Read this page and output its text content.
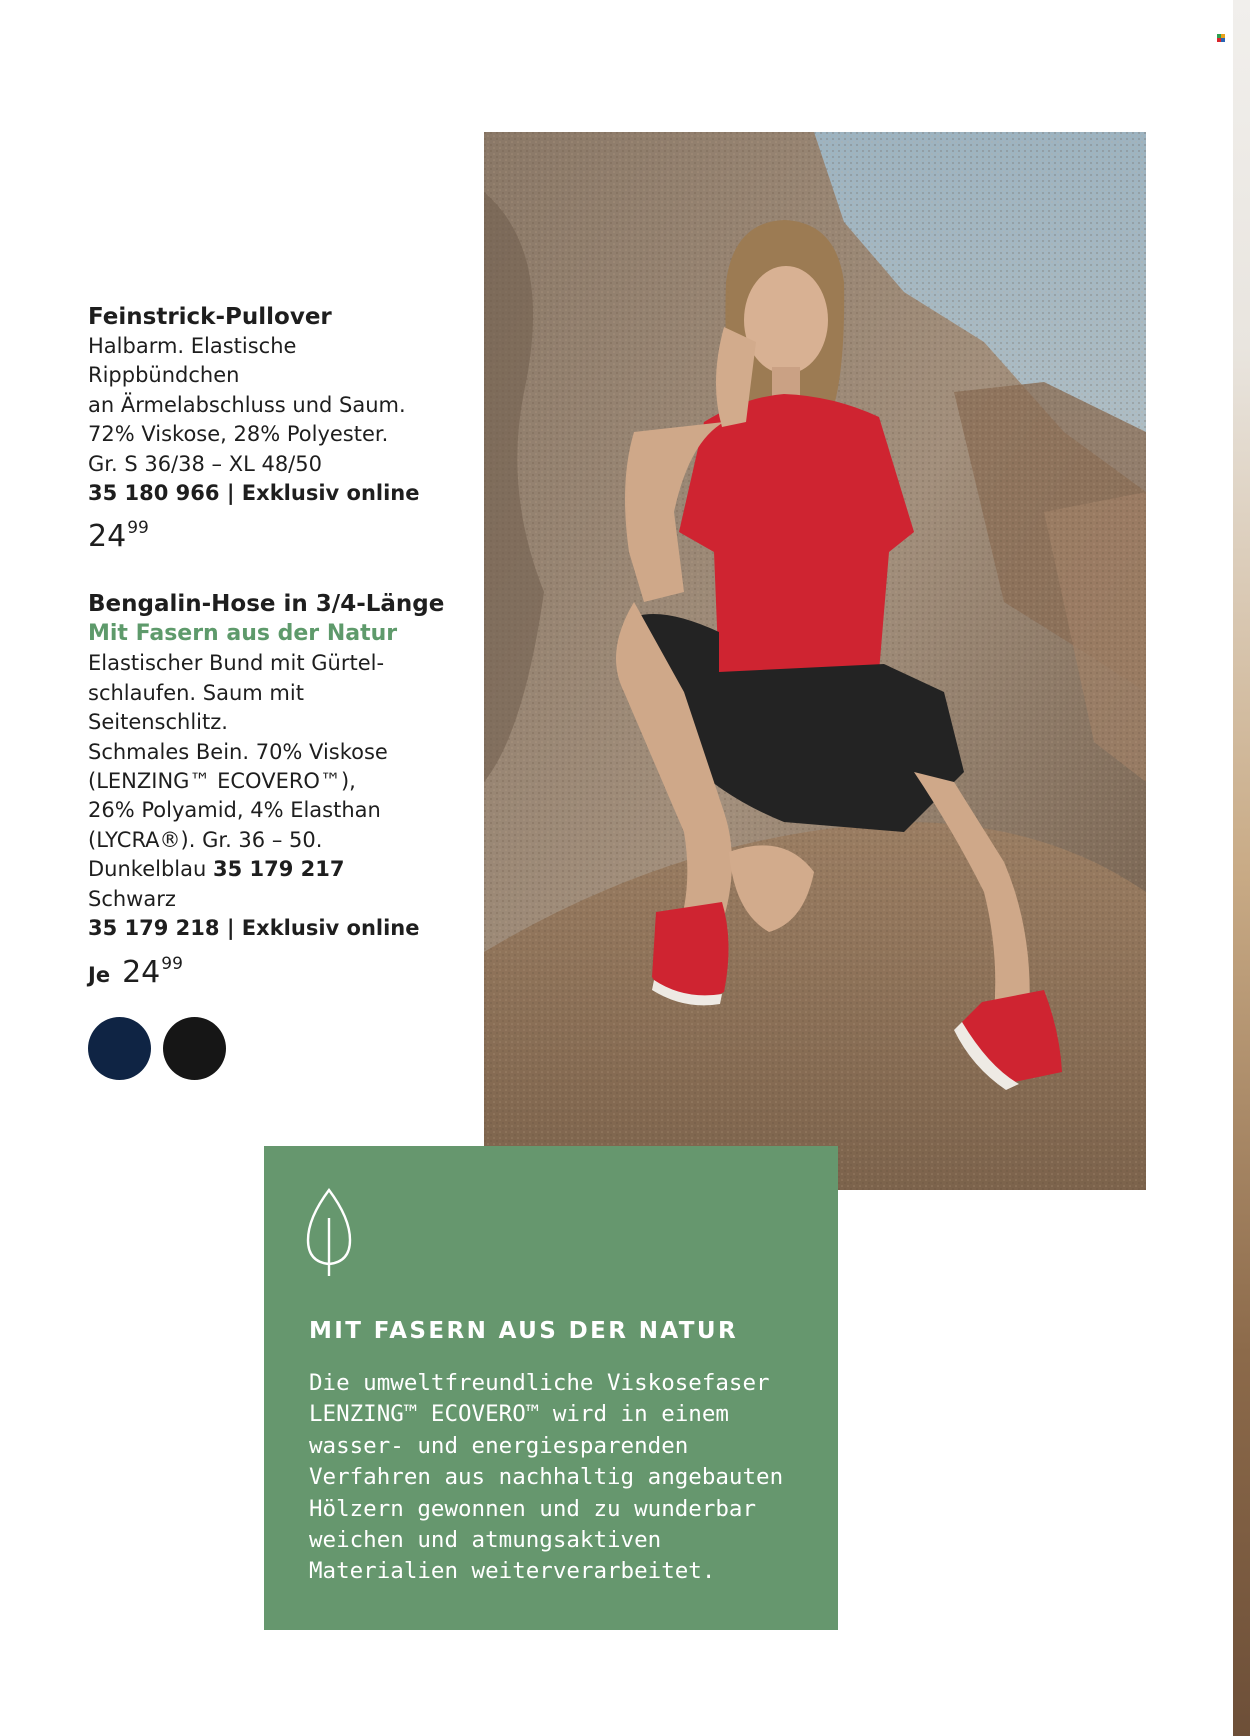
Feinstrick-Pullover
Halbarm. Elastische Rippbündchen
an Ärmelabschluss und Saum.
72% Viskose, 28% Polyester.
Gr. S 36/38 – XL 48/50
35 180 966 | Exklusiv online
$24^{99}$
Bengalin-Hose in 3/4-Länge
Mit Fasern aus der Natur
Elastischer Bund mit Gürtel-
schlaufen. Saum mit Seitenschlitz.
Schmales Bein. 70% Viskose
(LENZING™ ECOVERO™),
26% Polyamid, 4% Elasthan
(LYCRA®). Gr. 36 – 50.
Dunkelblau 35 179 217
Schwarz
35 179 218 | Exklusiv online
Je $24^{99}$
MIT FASERN AUS DER NATUR
Die umweltfreundliche Viskosefaser
LENZING™ ECOVERO™ wird in einem
wasser- und energiesparenden
Verfahren aus nachhaltig angebauten
Hölzern gewonnen und zu wunderbar
weichen und atmungsaktiven
Materialien weiterverarbeitet.
